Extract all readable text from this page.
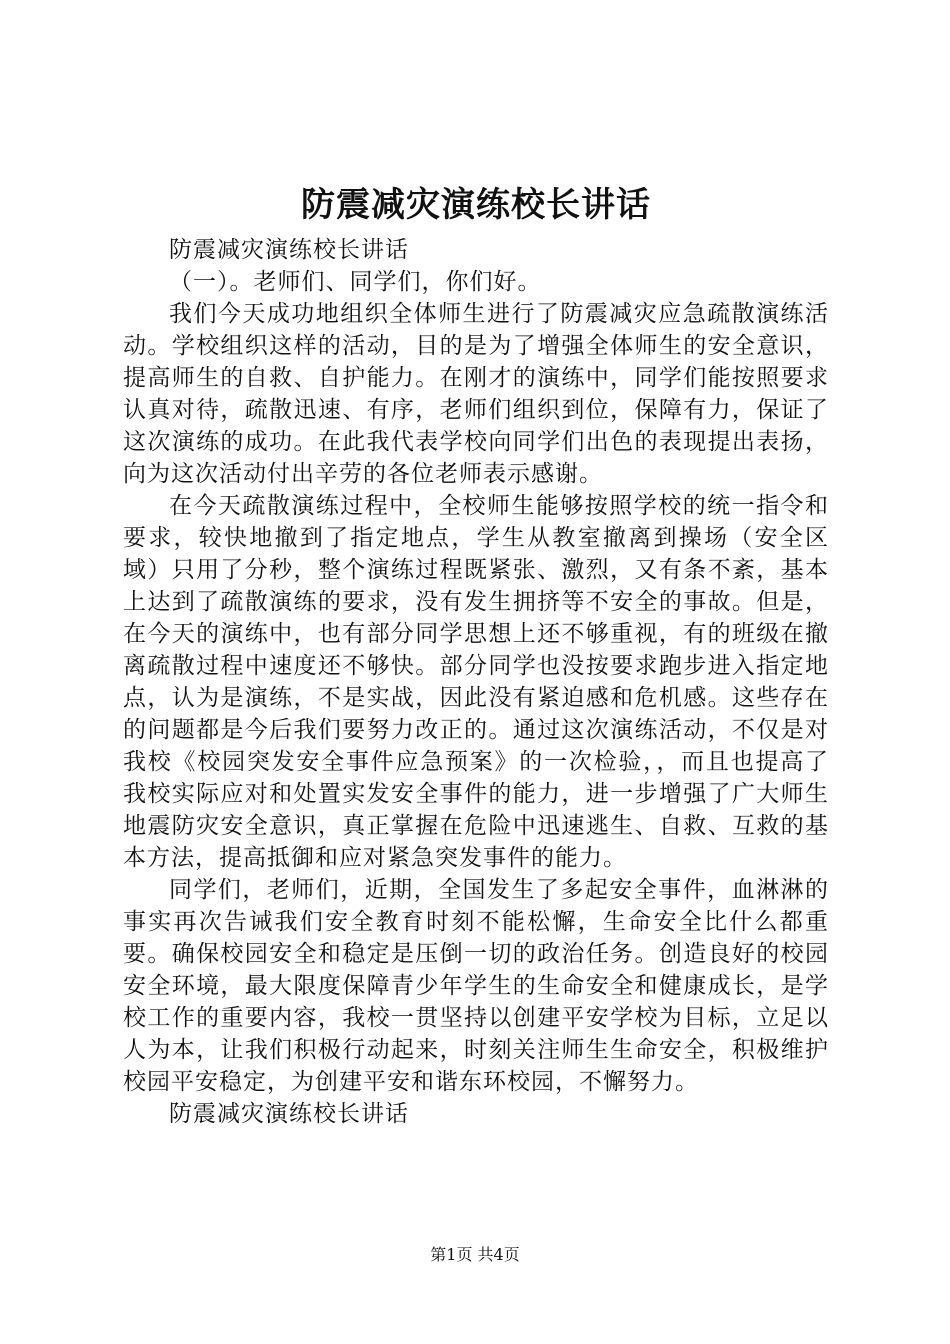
防震减灾演练校长讲话

防震减灾演练校长讲话

（一）。老师们、同学们，你们好。

我们今天成功地组织全体师生进行了防震减灾应急疏散演练活动。学校组织这样的活动，目的是为了增强全体师生的安全意识，提高师生的自救、自护能力。在刚才的演练中，同学们能按照要求认真对待，疏散迅速、有序，老师们组织到位，保障有力，保证了这次演练的成功。在此我代表学校向同学们出色的表现提出表扬，向为这次活动付出辛劳的各位老师表示感谢。

在今天疏散演练过程中，全校师生能够按照学校的统一指令和要求，较快地撤到了指定地点，学生从教室撤离到操场（安全区域）只用了分秒，整个演练过程既紧张、激烈，又有条不紊，基本上达到了疏散演练的要求，没有发生拥挤等不安全的事故。但是，在今天的演练中，也有部分同学思想上还不够重视，有的班级在撤离疏散过程中速度还不够快。部分同学也没按要求跑步进入指定地点，认为是演练，不是实战，因此没有紧迫感和危机感。这些存在的问题都是今后我们要努力改正的。通过这次演练活动，不仅是对我校《校园突发安全事件应急预案》的一次检验，，而且也提高了我校实际应对和处置实发安全事件的能力，进一步增强了广大师生地震防灾安全意识，真正掌握在危险中迅速逃生、自救、互救的基本方法，提高抵御和应对紧急突发事件的能力。

同学们，老师们，近期，全国发生了多起安全事件，血淋淋的事实再次告诫我们安全教育时刻不能松懈，生命安全比什么都重要。确保校园安全和稳定是压倒一切的政治任务。创造良好的校园安全环境，最大限度保障青少年学生的生命安全和健康成长，是学校工作的重要内容，我校一贯坚持以创建平安学校为目标，立足以人为本，让我们积极行动起来，时刻关注师生生命安全，积极维护校园平安稳定，为创建平安和谐东环校园，不懈努力。

防震减灾演练校长讲话

第1页 共4页
